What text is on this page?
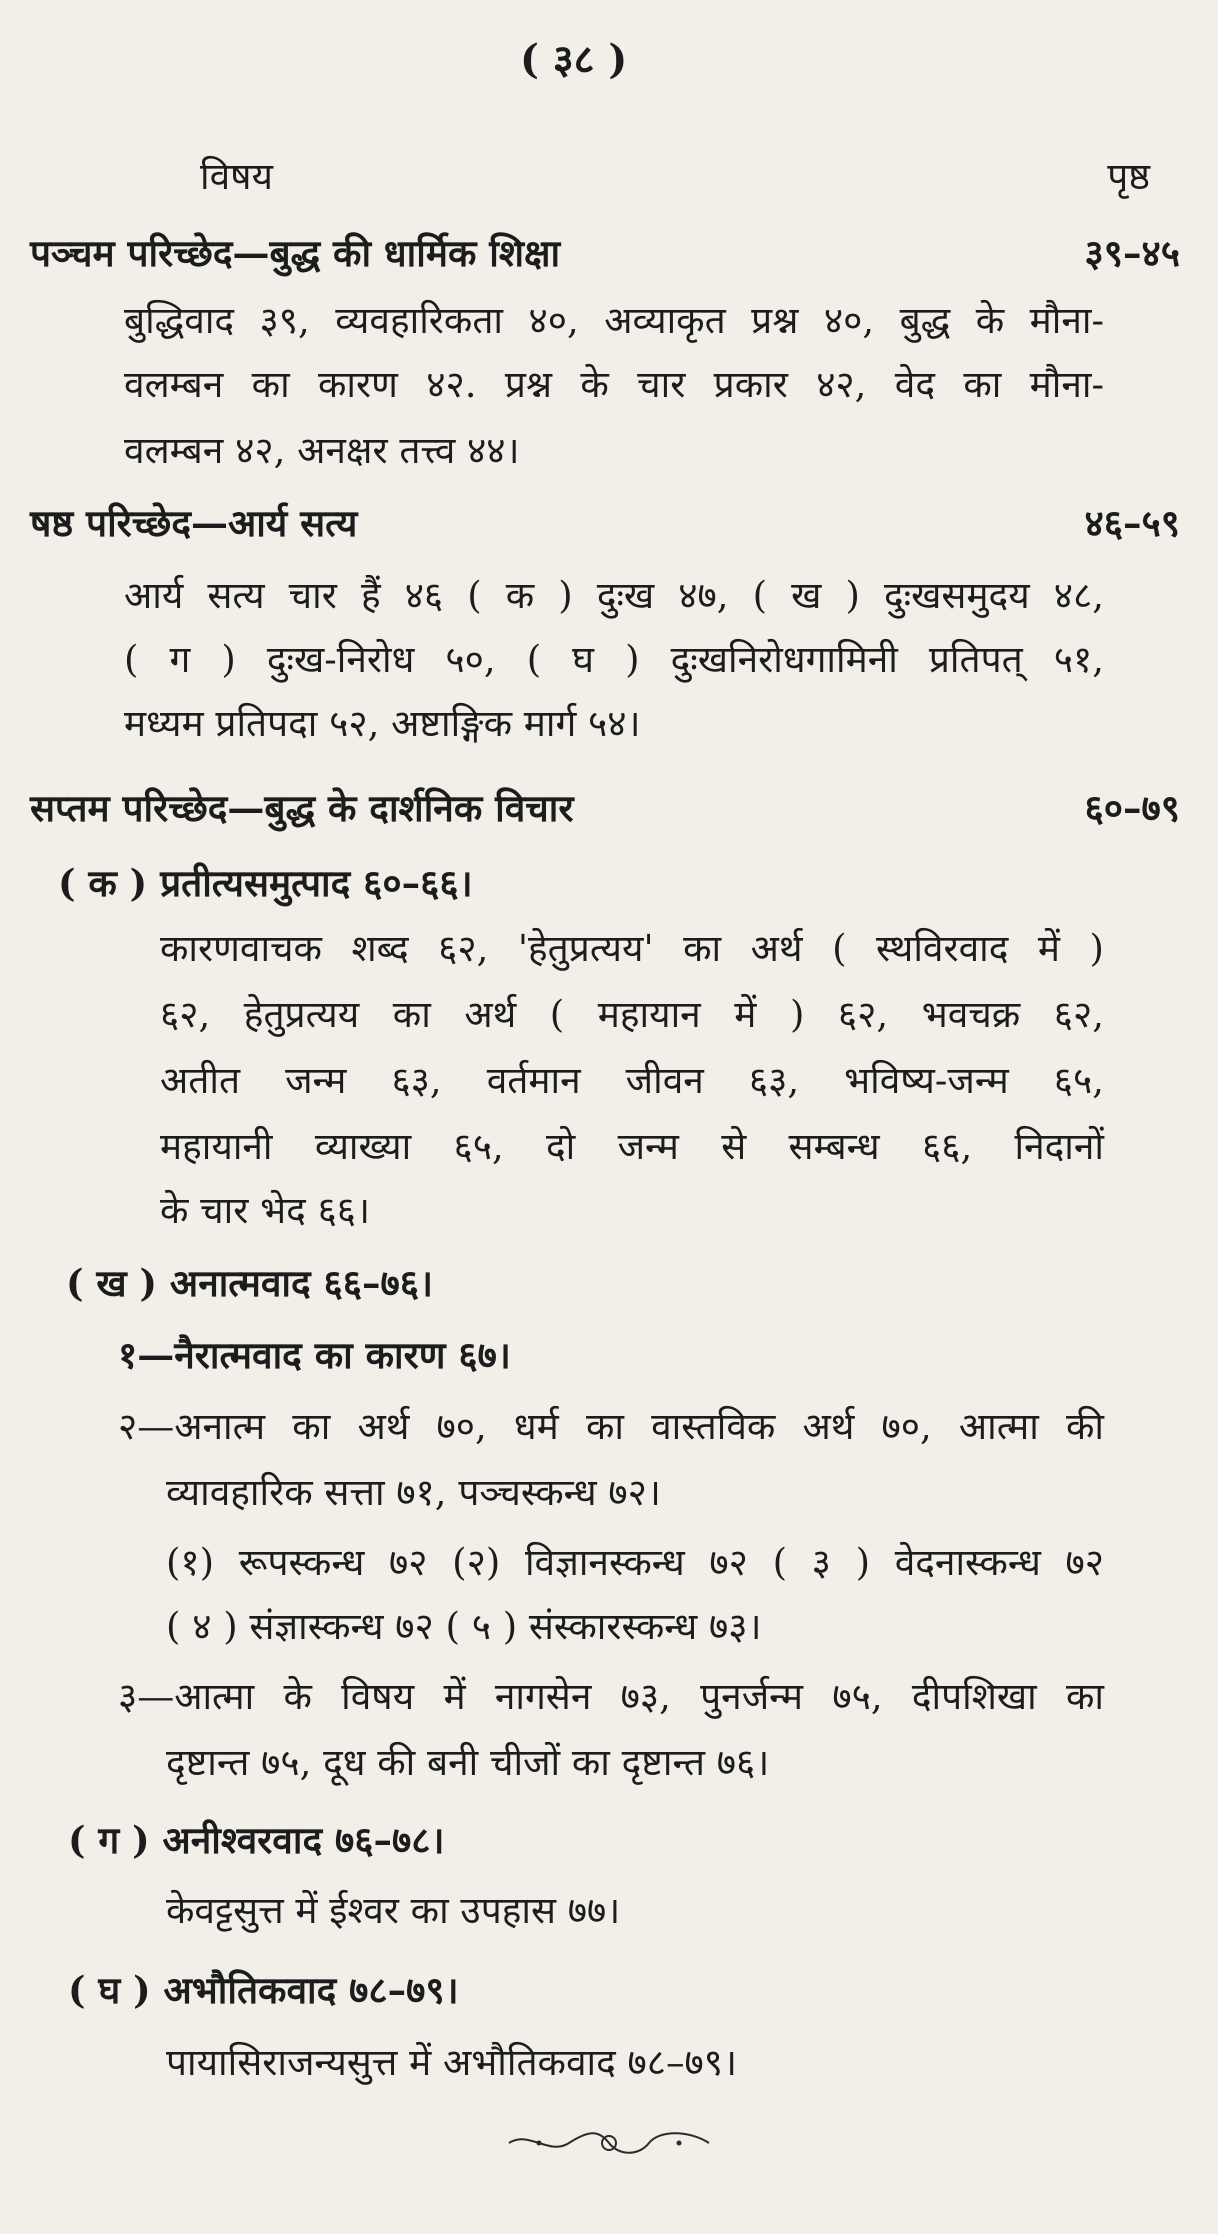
( ३८ )
विषय	पृष्ठ
पञ्चम परिच्छेद—बुद्ध की धार्मिक शिक्षा	३९–४५
बुद्धिवाद ३९, व्यवहारिकता ४०, अव्याकृत प्रश्न ४०, बुद्ध के मौना-
वलम्बन का कारण ४२. प्रश्न के चार प्रकार ४२, वेद का मौना-
वलम्बन ४२, अनक्षर तत्त्व ४४।
षष्ठ परिच्छेद—आर्य सत्य	४६–५९
आर्य सत्य चार हैं ४६ ( क ) दुःख ४७, ( ख ) दुःखसमुदय ४८,
( ग ) दुःख-निरोध ५०, ( घ ) दुःखनिरोधगामिनी प्रतिपत् ५१,
मध्यम प्रतिपदा ५२, अष्टाङ्गिक मार्ग ५४।
सप्तम परिच्छेद—बुद्ध के दार्शनिक विचार	६०–७९
( क ) प्रतीत्यसमुत्पाद ६०–६६।
कारणवाचक शब्द ६२, 'हेतुप्रत्यय' का अर्थ ( स्थविरवाद में )
६२, हेतुप्रत्यय का अर्थ ( महायान में ) ६२, भवचक्र ६२,
अतीत जन्म ६३, वर्तमान जीवन ६३, भविष्य-जन्म ६५,
महायानी व्याख्या ६५, दो जन्म से सम्बन्ध ६६, निदानों
के चार भेद ६६।
( ख ) अनात्मवाद ६६–७६।
१—नैरात्मवाद का कारण ६७।
२—अनात्म का अर्थ ७०, धर्म का वास्तविक अर्थ ७०, आत्मा की
व्यावहारिक सत्ता ७१, पञ्चस्कन्ध ७२।
(१) रूपस्कन्ध ७२ (२) विज्ञानस्कन्ध ७२ ( ३ ) वेदनास्कन्ध ७२
( ४ ) संज्ञास्कन्ध ७२ ( ५ ) संस्कारस्कन्ध ७३।
३—आत्मा के विषय में नागसेन ७३, पुनर्जन्म ७५, दीपशिखा का
दृष्टान्त ७५, दूध की बनी चीजों का दृष्टान्त ७६।
( ग ) अनीश्वरवाद ७६–७८।
केवट्टसुत्त में ईश्वर का उपहास ७७।
( घ ) अभौतिकवाद ७८–७९।
पायासिराजन्यसुत्त में अभौतिकवाद ७८–७९।
